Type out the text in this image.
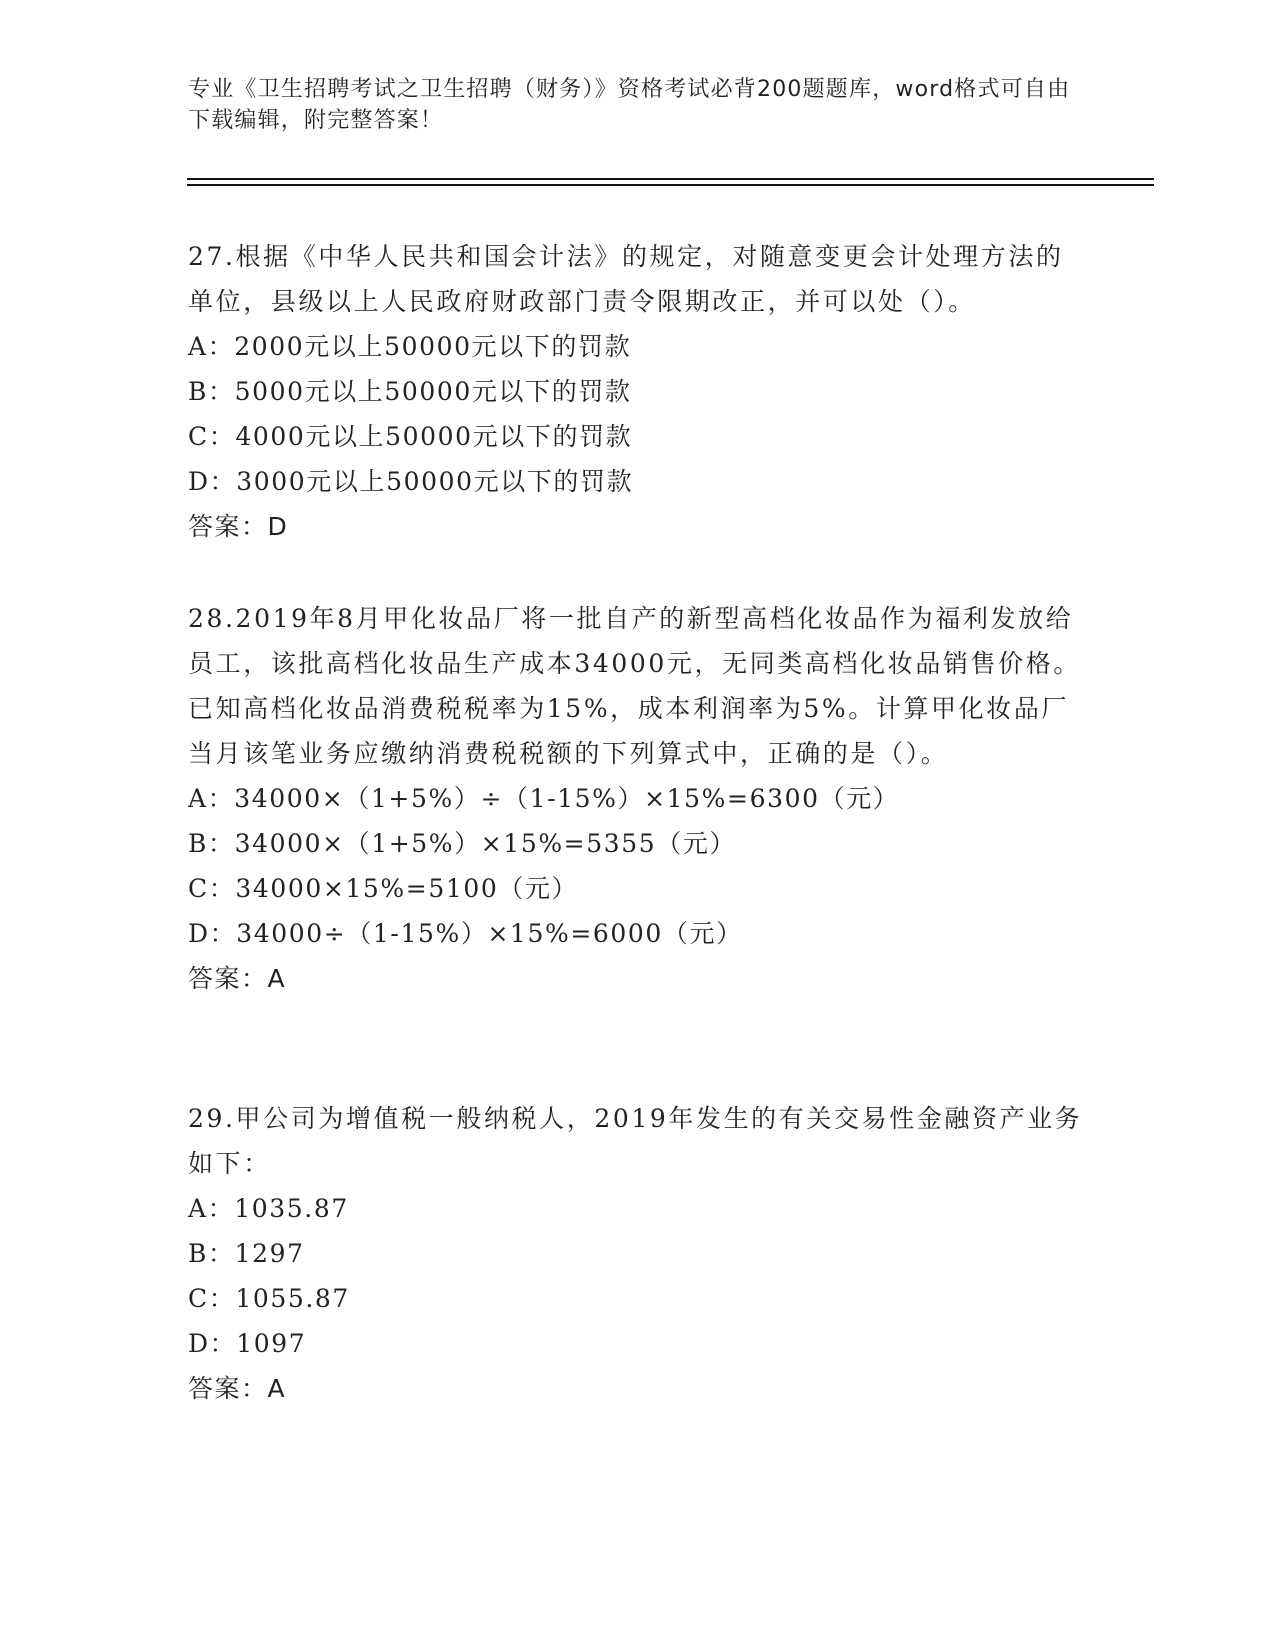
专业《卫生招聘考试之卫生招聘（财务）》资格考试必背200题题库，word格式可自由下载编辑，附完整答案！

27.根据《中华人民共和国会计法》的规定，对随意变更会计处理方法的单位，县级以上人民政府财政部门责令限期改正，并可以处（）。

A：2000元以上50000元以下的罚款

B：5000元以上50000元以下的罚款

C：4000元以上50000元以下的罚款

D：3000元以上50000元以下的罚款

答案：D

28.2019年8月甲化妆品厂将一批自产的新型高档化妆品作为福利发放给员工，该批高档化妆品生产成本34000元，无同类高档化妆品销售价格。已知高档化妆品消费税税率为15%，成本利润率为5%。计算甲化妆品厂当月该笔业务应缴纳消费税税额的下列算式中，正确的是（）。

A：34000×（1+5%）÷（1-15%）×15%=6300（元）

B：34000×（1+5%）×15%=5355（元）

C：34000×15%=5100（元）

D：34000÷（1-15%）×15%=6000（元）

答案：A

29.甲公司为增值税一般纳税人，2019年发生的有关交易性金融资产业务如下：

A：1035.87

B：1297

C：1055.87

D：1097

答案：A
